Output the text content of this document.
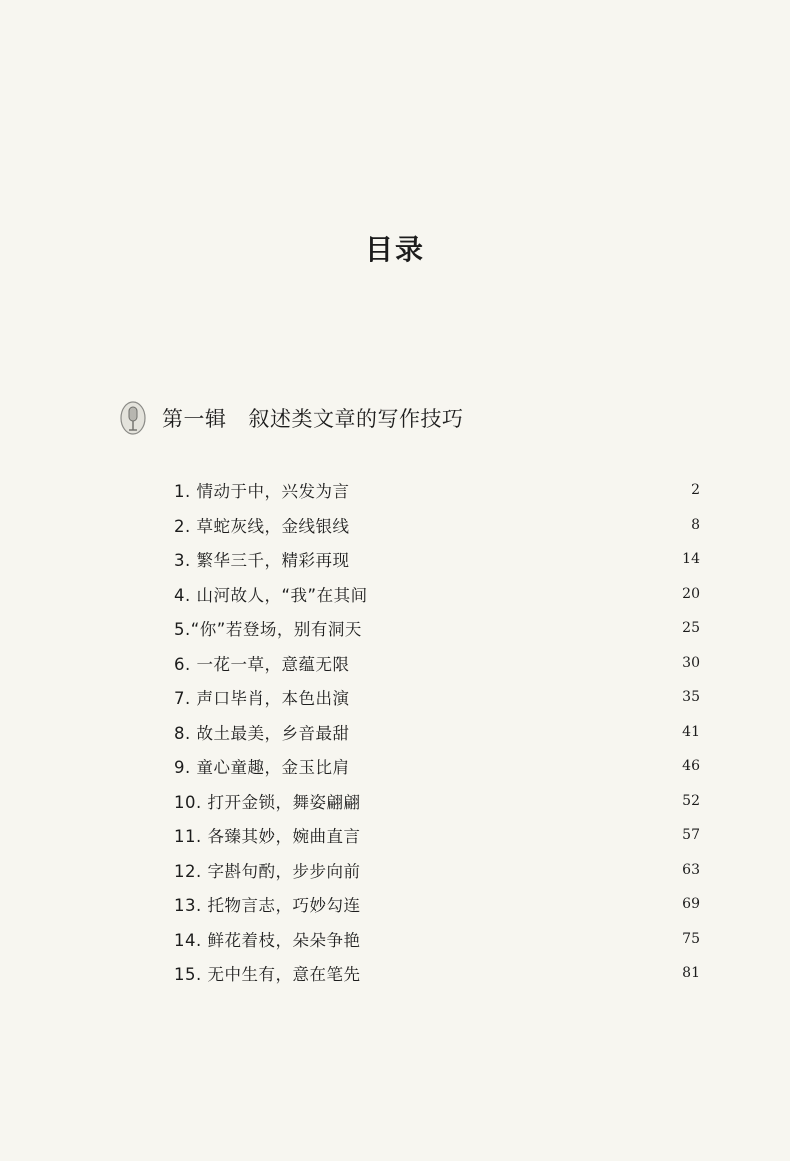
目录
第一辑 叙述类文章的写作技巧
1. 情动于中，兴发为言	2
2. 草蛇灰线，金线银线	8
3. 繁华三千，精彩再现	14
4. 山河故人，“我”在其间	20
5.“你”若登场，别有洞天	25
6. 一花一草，意蕴无限	30
7. 声口毕肖，本色出演	35
8. 故土最美，乡音最甜	41
9. 童心童趣，金玉比肩	46
10. 打开金锁，舞姿翩翩	52
11. 各臻其妙，婉曲直言	57
12. 字斟句酌，步步向前	63
13. 托物言志，巧妙勾连	69
14. 鲜花着枝，朵朵争艳	75
15. 无中生有，意在笔先	81
